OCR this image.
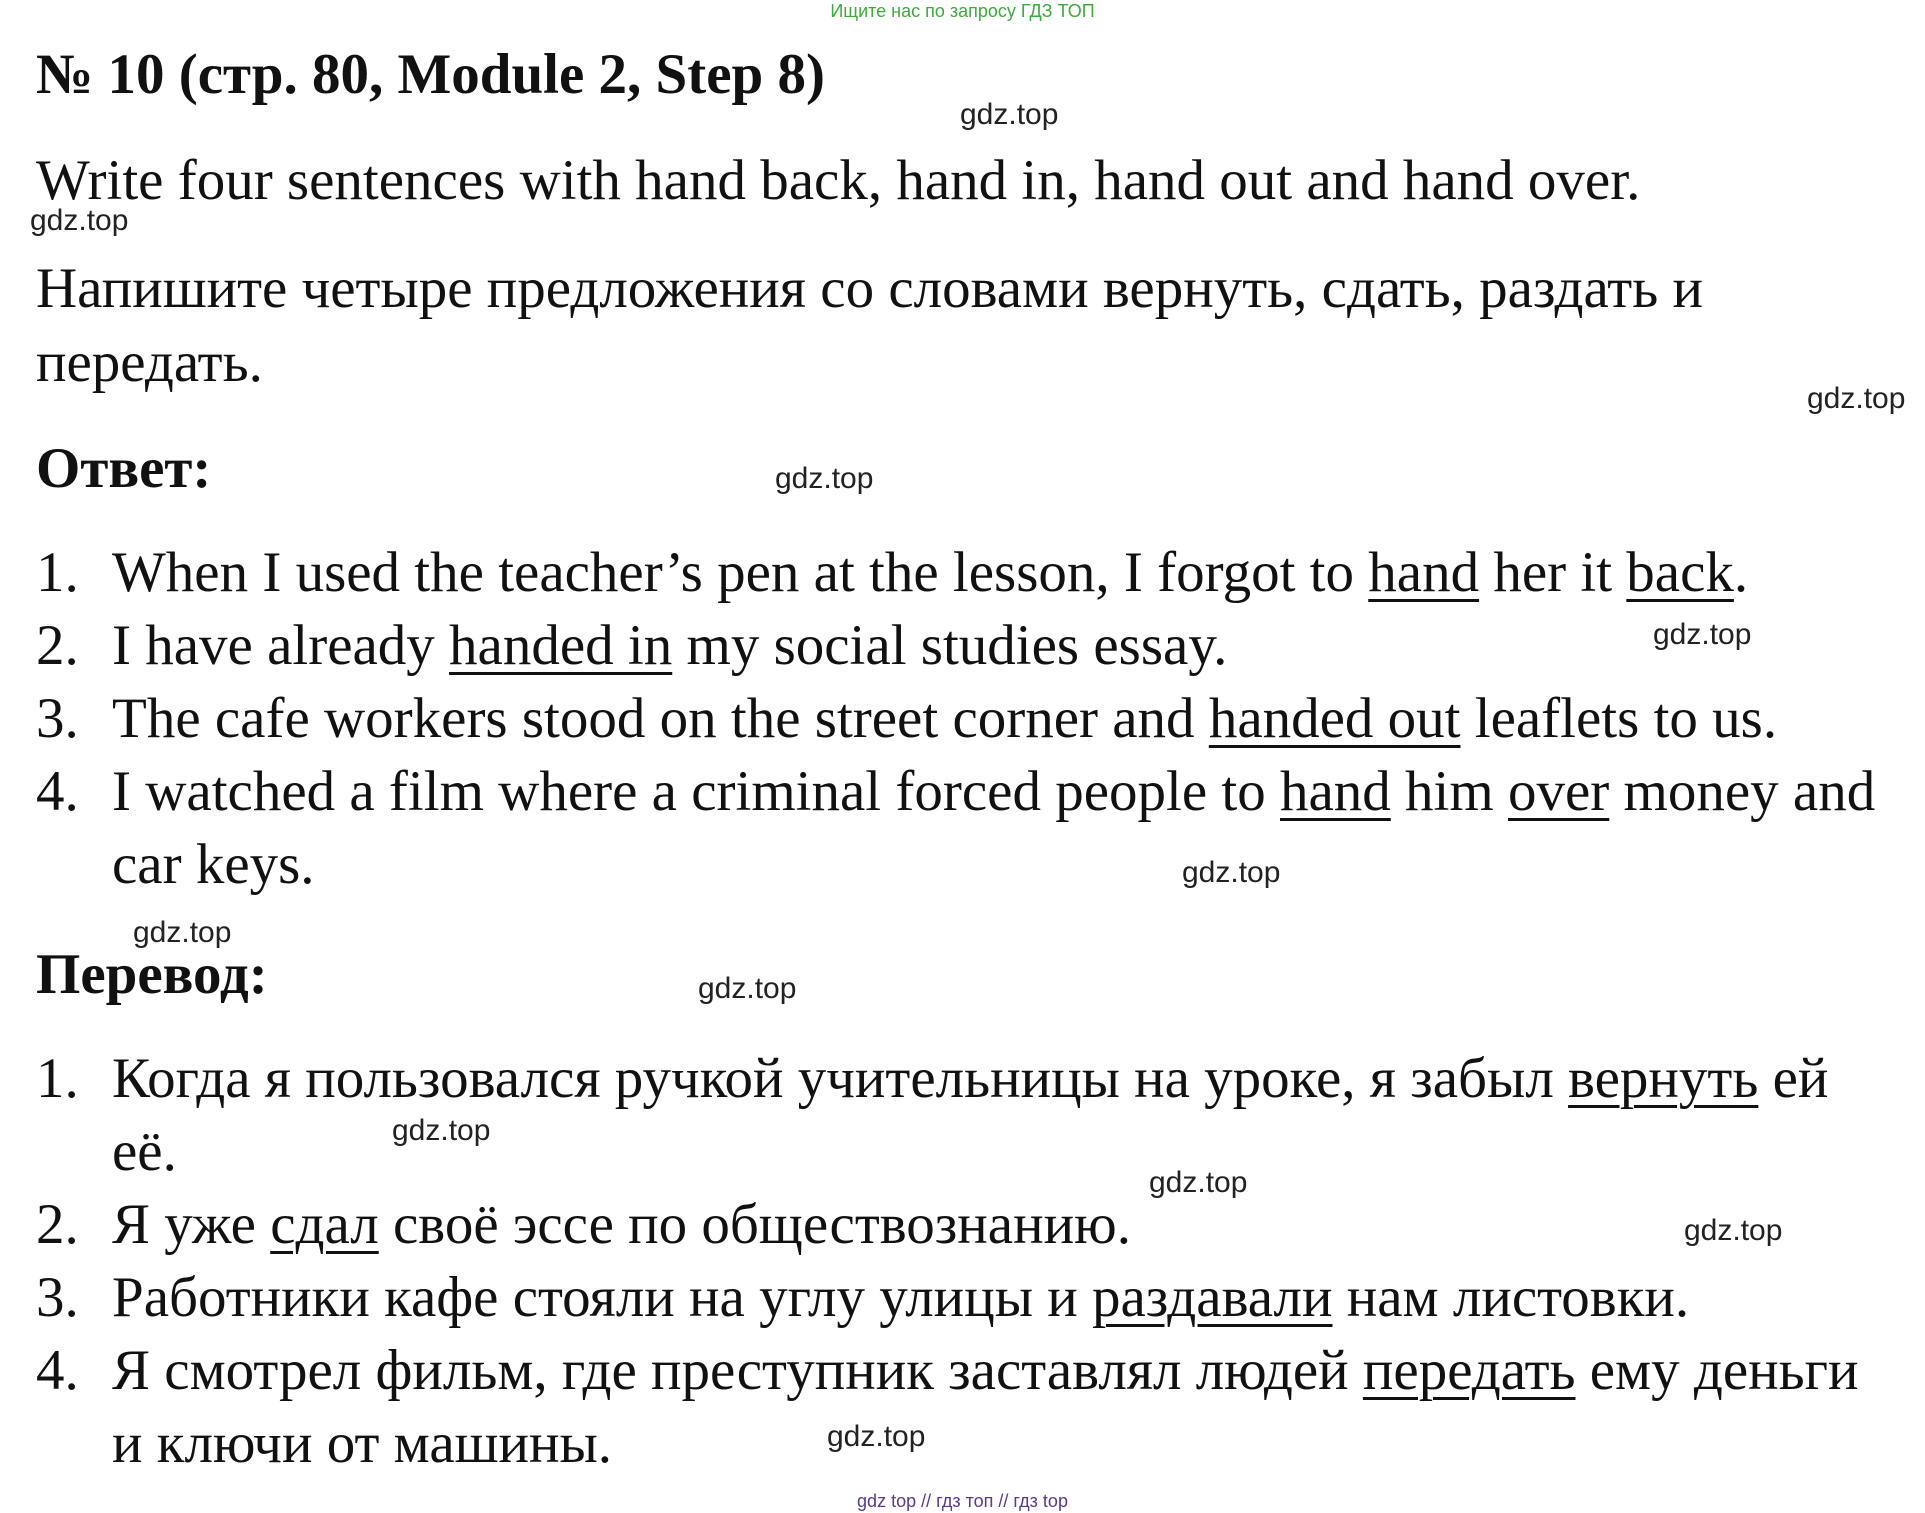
Ищите нас по запросу ГДЗ ТОП
№ 10 (стр. 80, Module 2, Step 8)
Write four sentences with hand back, hand in, hand out and hand over.
Напишите четыре предложения со словами вернуть, сдать, раздать и
передать.
Ответ:
1. When I used the teacher’s pen at the lesson, I forgot to hand her it back.
2. I have already handed in my social studies essay.
3. The cafe workers stood on the street corner and handed out leaflets to us.
4. I watched a film where a criminal forced people to hand him over money and car keys.
Перевод:
1. Когда я пользовался ручкой учительницы на уроке, я забыл вернуть ей её.
2. Я уже сдал своё эссе по обществознанию.
3. Работники кафе стояли на углу улицы и раздавали нам листовки.
4. Я смотрел фильм, где преступник заставлял людей передать ему деньги и ключи от машины.
gdz.top
gdz.top
gdz.top
gdz.top
gdz.top
gdz.top
gdz.top
gdz.top
gdz.top
gdz.top
gdz.top
gdz.top
gdz top // гдз топ // гдз top
